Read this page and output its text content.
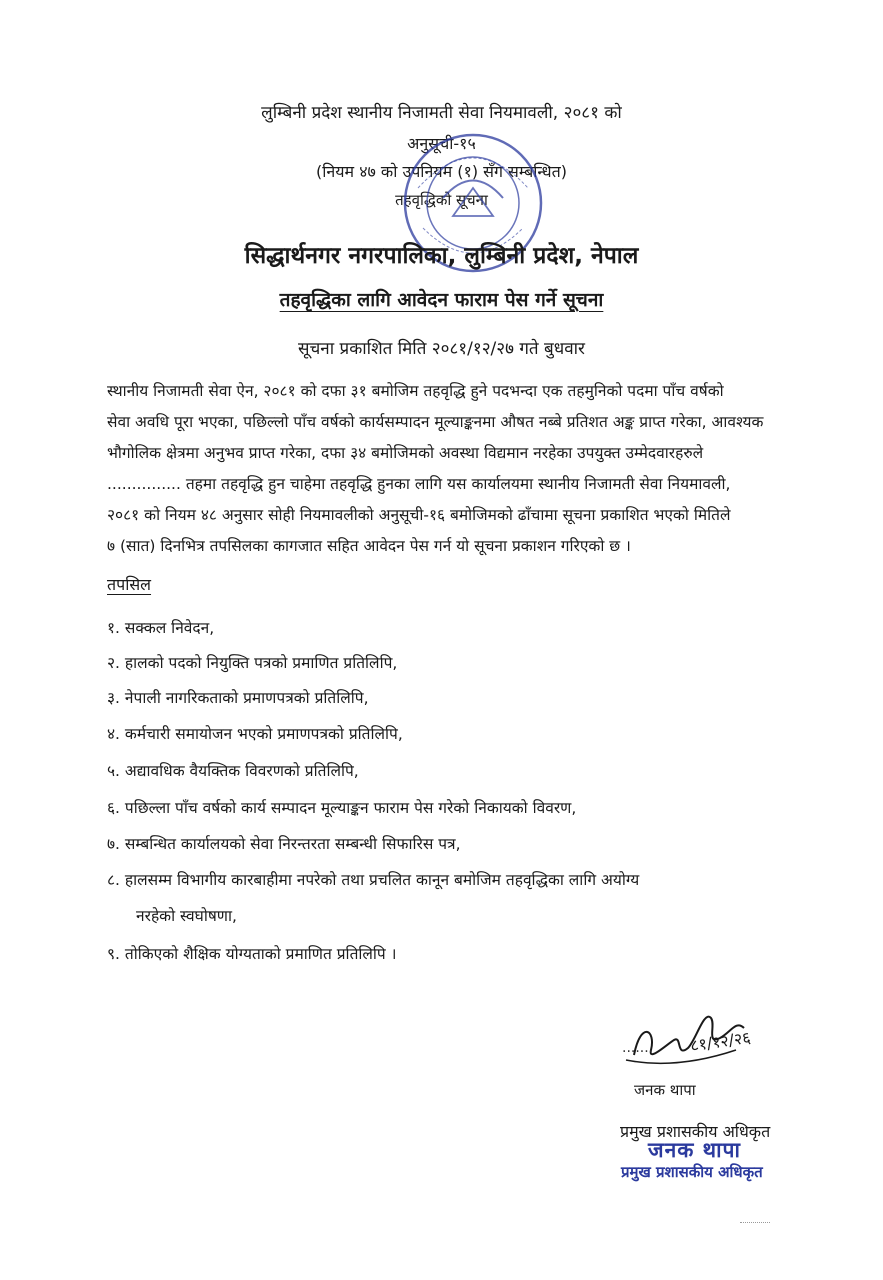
लुम्बिनी प्रदेश स्थानीय निजामती सेवा नियमावली, २०८१ को
अनुसूची-१५
(नियम ४७ को उपनियम (१) सँग सम्बन्धित)
तहवृद्धिको सूचना
सिद्धार्थनगर नगरपालिका, लुम्बिनी प्रदेश, नेपाल
तहवृद्धिका लागि आवेदन फाराम पेस गर्ने सूचना
सूचना प्रकाशित मिति २०८१/१२/२७ गते बुधवार
स्थानीय निजामती सेवा ऐन, २०८१ को दफा ३१ बमोजिम तहवृद्धि हुने पदभन्दा एक तहमुनिको पदमा पाँच वर्षको
सेवा अवधि पूरा भएका, पछिल्लो पाँच वर्षको कार्यसम्पादन मूल्याङ्कनमा औषत नब्बे प्रतिशत अङ्क प्राप्त गरेका, आवश्यक
भौगोलिक क्षेत्रमा अनुभव प्राप्त गरेका, दफा ३४ बमोजिमको अवस्था विद्यमान नरहेका उपयुक्त उम्मेदवारहरुले
............... तहमा तहवृद्धि हुन चाहेमा तहवृद्धि हुनका लागि यस कार्यालयमा स्थानीय निजामती सेवा नियमावली,
२०८१ को नियम ४८ अनुसार सोही नियमावलीको अनुसूची-१६ बमोजिमको ढाँचामा सूचना प्रकाशित भएको मितिले
७ (सात) दिनभित्र तपसिलका कागजात सहित आवेदन पेस गर्न यो सूचना प्रकाशन गरिएको छ ।
तपसिल
१. सक्कल निवेदन,
२. हालको पदको नियुक्ति पत्रको प्रमाणित प्रतिलिपि,
३. नेपाली नागरिकताको प्रमाणपत्रको प्रतिलिपि,
४. कर्मचारी समायोजन भएको प्रमाणपत्रको प्रतिलिपि,
५. अद्यावधिक वैयक्तिक विवरणको प्रतिलिपि,
६. पछिल्ला पाँच वर्षको कार्य सम्पादन मूल्याङ्कन फाराम पेस गरेको निकायको विवरण,
७. सम्बन्धित कार्यालयको सेवा निरन्तरता सम्बन्धी सिफारिस पत्र,
८. हालसम्म विभागीय कारबाहीमा नपरेको तथा प्रचलित कानून बमोजिम तहवृद्धिका लागि अयोग्य
नरहेको स्वघोषणा,
९. तोकिएको शैक्षिक योग्यताको प्रमाणित प्रतिलिपि ।
....... ८१/१२/२६
जनक थापा
प्रमुख प्रशासकीय अधिकृत
जनक थापा
प्रमुख प्रशासकीय अधिकृत
